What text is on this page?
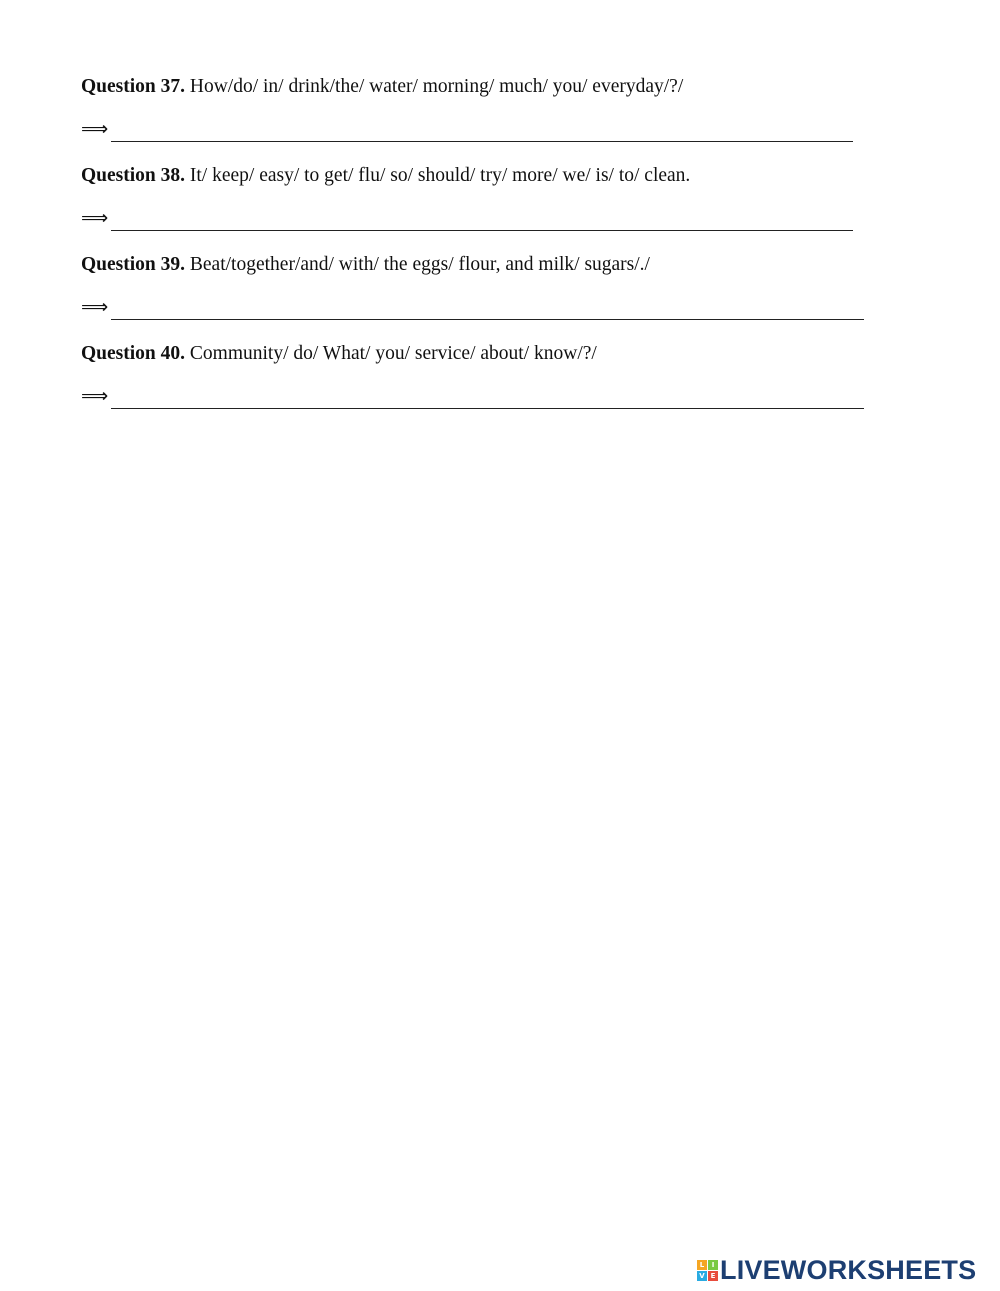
Question 37. How/do/ in/ drink/the/ water/ morning/ much/ you/ everyday/?/
⟹
Question 38. It/ keep/ easy/ to get/ flu/ so/ should/ try/ more/ we/ is/ to/ clean.
⟹
Question 39. Beat/together/and/ with/ the eggs/ flour, and milk/ sugars/./
⟹
Question 40. Community/ do/ What/ you/ service/ about/ know/?/
⟹
L	I
V E LIVEWORKSHEETS
